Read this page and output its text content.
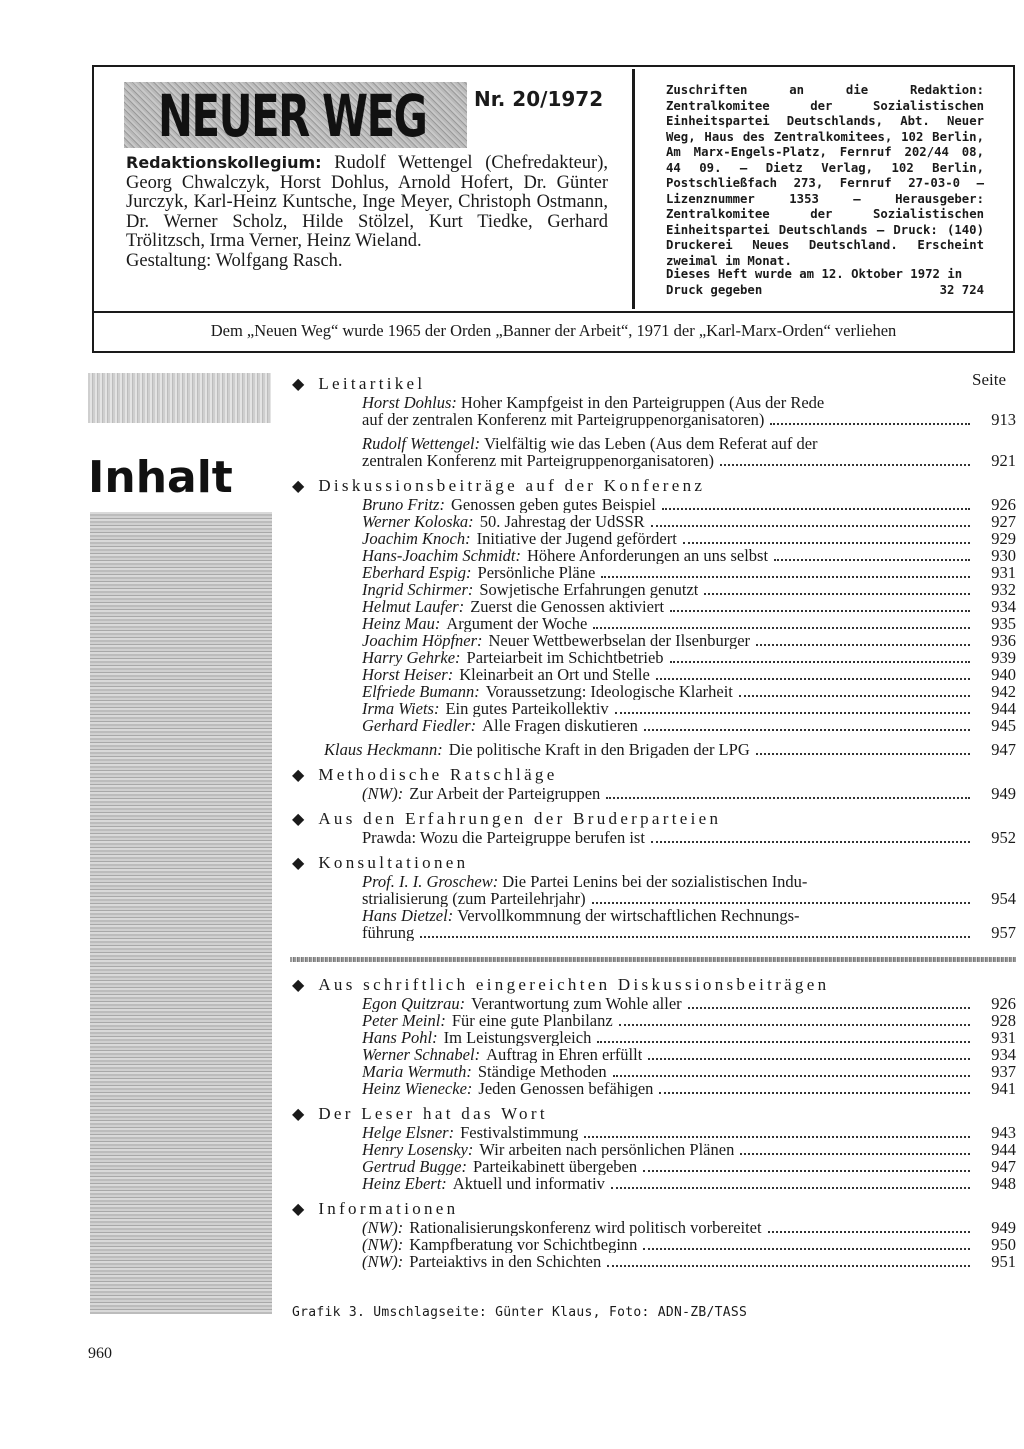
NEUER WEG Nr. 20/1972
Redaktionskollegium: Rudolf Wettengel (Chefredakteur), Georg Chwalczyk, Horst Dohlus, Arnold Hofert, Dr. Günter Jurczyk, Karl-Heinz Kuntsche, Inge Meyer, Christoph Ostmann, Dr. Werner Scholz, Hilde Stölzel, Kurt Tiedke, Gerhard Trölitzsch, Irma Verner, Heinz Wieland.
Gestaltung: Wolfgang Rasch.
Zuschriften an die Redaktion: Zentralkomitee der Sozialistischen Einheitspartei Deutschlands, Abt. Neuer Weg, Haus des Zentralkomitees, 102 Berlin, Am Marx-Engels-Platz, Fernruf 202/44 08, 44 09. — Dietz Verlag, 102 Berlin, Postschließfach 273, Fernruf 27-03-0 — Lizenznummer 1353 — Herausgeber: Zentralkomitee der Sozialistischen Einheitspartei Deutschlands — Druck: (140) Druckerei Neues Deutschland. Erscheint zweimal im Monat.
Dieses Heft wurde am 12. Oktober 1972 in Druck gegeben	32 724
Dem „Neuen Weg“ wurde 1965 der Orden „Banner der Arbeit“, 1971 der „Karl-Marx-Orden“ verliehen
Inhalt
Seite
◆ Leitartikel
Horst Dohlus: Hoher Kampfgeist in den Parteigruppen (Aus der Rede
auf der zentralen Konferenz mit Parteigruppenorganisatoren)	913
Rudolf Wettengel: Vielfältig wie das Leben (Aus dem Referat auf der
zentralen Konferenz mit Parteigruppenorganisatoren)	921
◆ Diskussionsbeiträge auf der Konferenz
Bruno Fritz: Genossen geben gutes Beispiel	926
Werner Koloska: 50. Jahrestag der UdSSR	927
Joachim Knoch: Initiative der Jugend gefördert	929
Hans-Joachim Schmidt: Höhere Anforderungen an uns selbst	930
Eberhard Espig: Persönliche Pläne	931
Ingrid Schirmer: Sowjetische Erfahrungen genutzt	932
Helmut Laufer: Zuerst die Genossen aktiviert	934
Heinz Mau: Argument der Woche	935
Joachim Höpfner: Neuer Wettbewerbselan der Ilsenburger	936
Harry Gehrke: Parteiarbeit im Schichtbetrieb	939
Horst Heiser: Kleinarbeit an Ort und Stelle	940
Elfriede Bumann: Voraussetzung: Ideologische Klarheit	942
Irma Wiets: Ein gutes Parteikollektiv	944
Gerhard Fiedler: Alle Fragen diskutieren	945
Klaus Heckmann: Die politische Kraft in den Brigaden der LPG	947
◆ Methodische Ratschläge
(NW): Zur Arbeit der Parteigruppen	949
◆ Aus den Erfahrungen der Bruderparteien
Prawda: Wozu die Parteigruppe berufen ist	952
◆ Konsultationen
Prof. I. I. Groschew: Die Partei Lenins bei der sozialistischen Indu-
strialisierung (zum Parteilehrjahr)	954
Hans Dietzel: Vervollkommnung der wirtschaftlichen Rechnungs-
führung	957
◆ Aus schriftlich eingereichten Diskussionsbeiträgen
Egon Quitzrau: Verantwortung zum Wohle aller	926
Peter Meinl: Für eine gute Planbilanz	928
Hans Pohl: Im Leistungsvergleich	931
Werner Schnabel: Auftrag in Ehren erfüllt	934
Maria Wermuth: Ständige Methoden	937
Heinz Wienecke: Jeden Genossen befähigen	941
◆ Der Leser hat das Wort
Helge Elsner: Festivalstimmung	943
Henry Losensky: Wir arbeiten nach persönlichen Plänen	944
Gertrud Bugge: Parteikabinett übergeben	947
Heinz Ebert: Aktuell und informativ	948
◆ Informationen
(NW): Rationalisierungskonferenz wird politisch vorbereitet	949
(NW): Kampfberatung vor Schichtbeginn	950
(NW): Parteiaktivs in den Schichten	951
Grafik 3. Umschlagseite: Günter Klaus, Foto: ADN-ZB/TASS
960
